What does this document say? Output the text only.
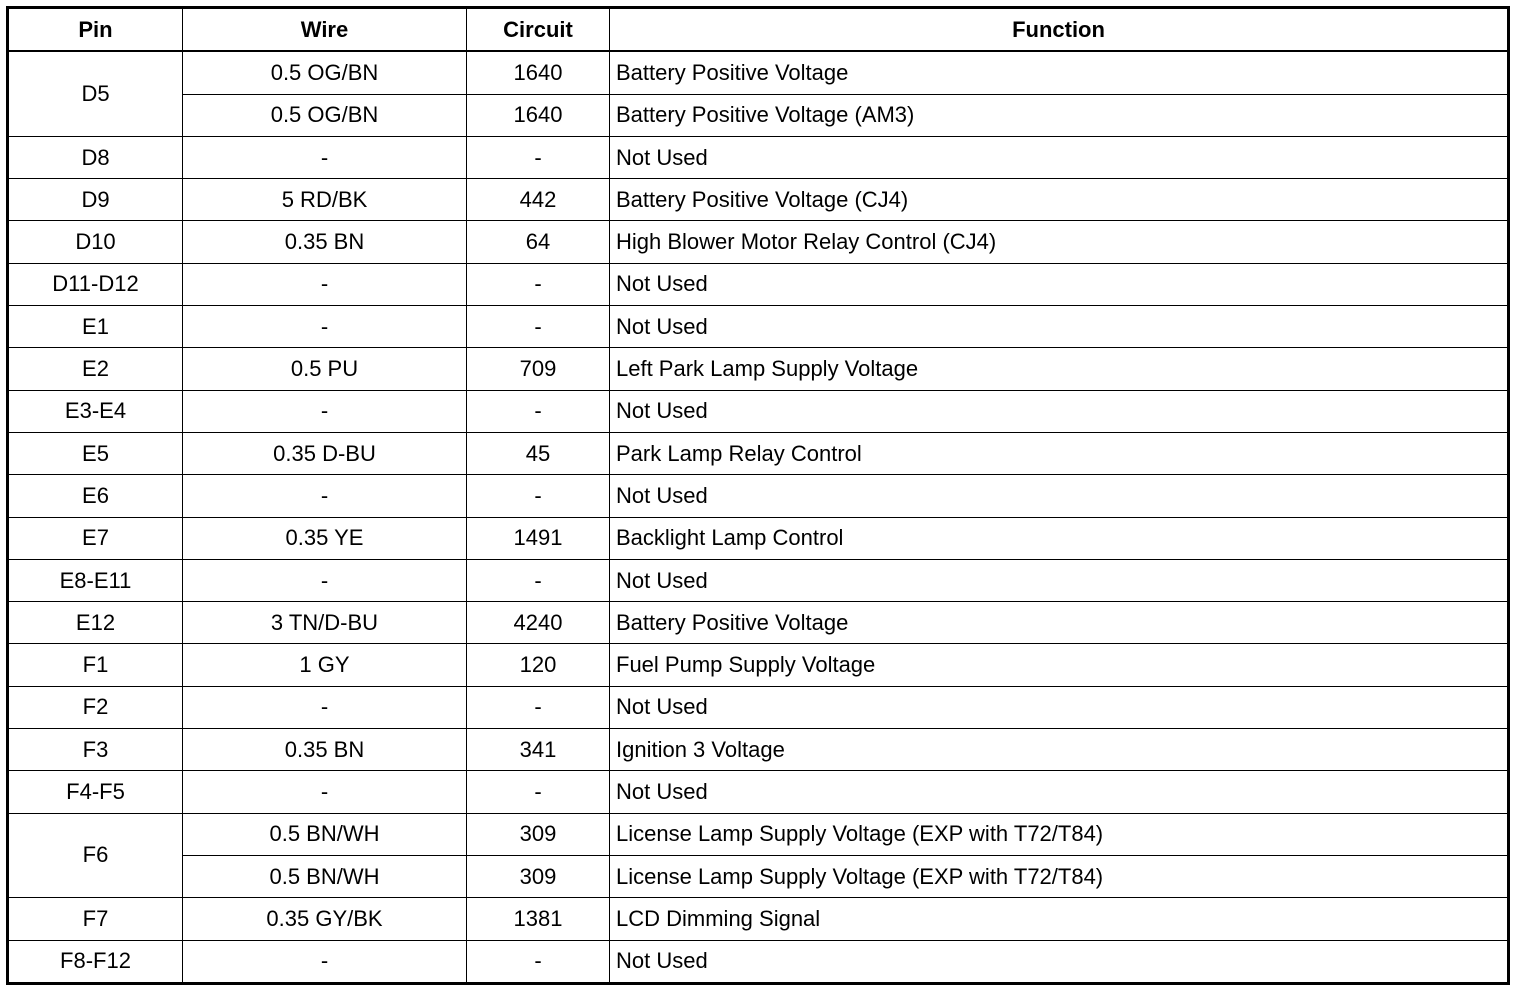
Pin	Wire	Circuit	Function
D5	0.5 OG/BN	1640	Battery Positive Voltage
	0.5 OG/BN	1640	Battery Positive Voltage (AM3)
D8	-	-	Not Used
D9	5 RD/BK	442	Battery Positive Voltage (CJ4)
D10	0.35 BN	64	High Blower Motor Relay Control (CJ4)
D11-D12	-	-	Not Used
E1	-	-	Not Used
E2	0.5 PU	709	Left Park Lamp Supply Voltage
E3-E4	-	-	Not Used
E5	0.35 D-BU	45	Park Lamp Relay Control
E6	-	-	Not Used
E7	0.35 YE	1491	Backlight Lamp Control
E8-E11	-	-	Not Used
E12	3 TN/D-BU	4240	Battery Positive Voltage
F1	1 GY	120	Fuel Pump Supply Voltage
F2	-	-	Not Used
F3	0.35 BN	341	Ignition 3 Voltage
F4-F5	-	-	Not Used
F6	0.5 BN/WH	309	License Lamp Supply Voltage (EXP with T72/T84)
	0.5 BN/WH	309	License Lamp Supply Voltage (EXP with T72/T84)
F7	0.35 GY/BK	1381	LCD Dimming Signal
F8-F12	-	-	Not Used
